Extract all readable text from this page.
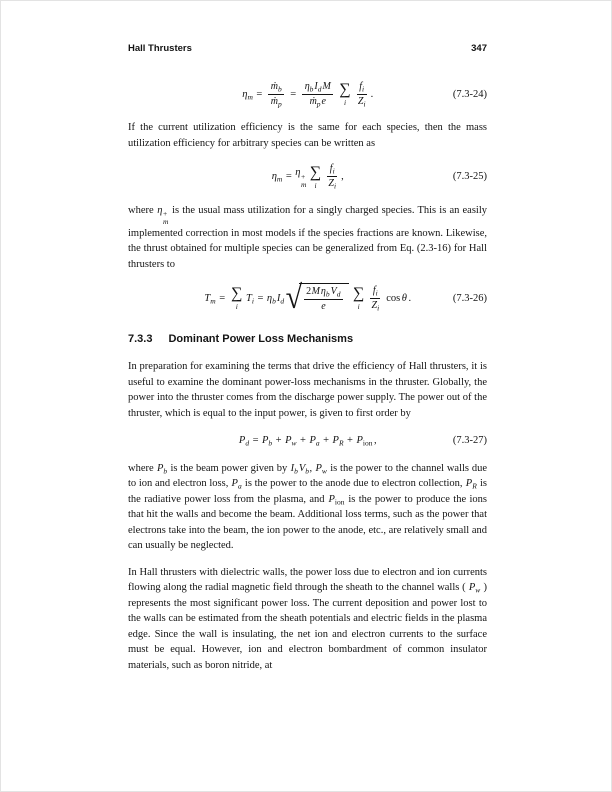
Hall Thrusters	347
$\eta_m = \frac{ṁ_b}{ṁ_p} = \frac{\eta_b I_d M}{ṁ_p e}$ ∑
i $\frac{f_i}{Z_i}$ .	(7.3-24)

If the current utilization efficiency is the same for each species, then the mass utilization efficiency for arbitrary species can be written as

$\eta_m = \eta$ +
m
∑
i $\frac{f_i}{Z_i}$ ,	(7.3-25)

where η +
m
is the usual mass utilization for a singly charged species. This is an easily implemented correction in most models if the species fractions are known. Likewise, the thrust obtained for multiple species can be generalized from Eq. (2.3-16) for Hall thrusters to

$T_m$ = ∑
i
$T_i = \eta_b$ $I_d$ √ $\frac{2 M \eta_b V_d}{e}$ ∑
i $\frac{f_i}{Z_i}$ cos θ .	(7.3-26)
7.3.3 Dominant Power Loss Mechanisms

In preparation for examining the terms that drive the efficiency of Hall thrusters, it is useful to examine the dominant power-loss mechanisms in the thruster. Globally, the power into the thruster comes from the discharge power supply. The power out of the thruster, which is equal to the input power, is given to first order by

$P_d = P_b + P_w + P_a + P_R + P_{ion}$ ,	(7.3-27)

where $P_b$ is the beam power given by $I_bV_b$, $P_w$ is the power to the channel walls due to ion and electron loss, $P_a$ is the power to the anode due to electron collection, $P_R$ is the radiative power loss from the plasma, and $P_{ion}$ is the power to produce the ions that hit the walls and become the beam. Additional loss terms, such as the power that electrons take into the beam, the ion power to the anode, etc., are relatively small and can usually be neglected.

In Hall thrusters with dielectric walls, the power loss due to electron and ion currents flowing along the radial magnetic field through the sheath to the channel walls ( $P_w$ ) represents the most significant power loss. The current deposition and power lost to the walls can be estimated from the sheath potentials and electric fields in the plasma edge. Since the wall is insulating, the net ion and electron currents to the surface must be equal. However, ion and electron bombardment of common insulator materials, such as boron nitride, at
